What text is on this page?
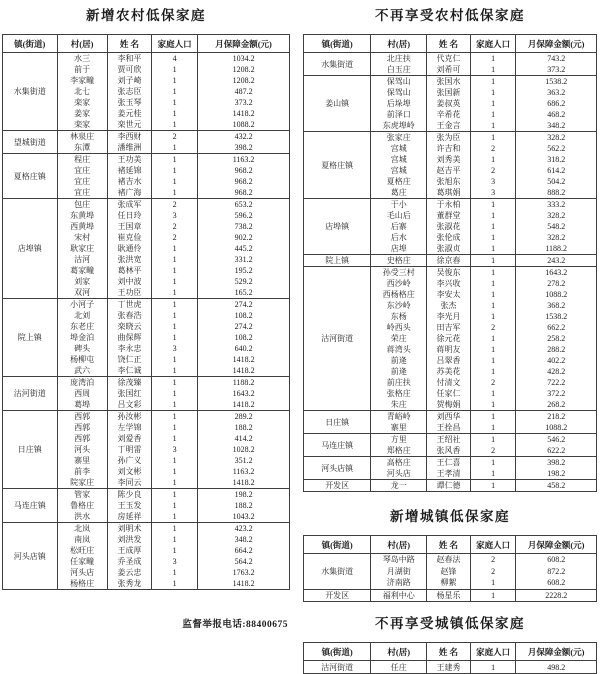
新增农村低保家庭
镇(街道)	村(居)	姓 名	家庭人口	月保障金额(元)
水集街道	水三	李和平	4	1034.2
	前于	贾可欣	1	1208.2
	李家疃	刘子崎	1	1208.2
	北七	张志臣	1	487.2
	栾家	张玉琴	1	373.2
	姜家	姜元桂	1	1418.2
	栾家	栾世元	1	1088.2
望城街道	林泉庄	李西财	2	432.2
	东潭	潘维洲	1	398.2
夏格庄镇	程庄	王功美	1	1163.2
	宜庄	褚延锦	1	968.2
	宜庄	褚吉水	1	968.2
	宜庄	褚广海	1	968.2
店埠镇	包庄	张成军	2	653.2
	东黄埠	任日玲	3	596.2
	西黄埠	王国章	2	738.2
	宋村	崔克俭	2	902.2
	耿家庄	耿通伶	1	445.2
	沽河	张洪宽	1	331.2
	葛家疃	葛林平	1	195.2
	刘家	刘中波	1	529.2
	双河	王功臣	1	165.2
院上镇	小河子	丁世虎	1	274.2
	北刘	张春浩	1	108.2
	东老庄	栾晓云	1	274.2
	埠金泊	曲保辉	1	108.2
	碑头	李永忠	3	640.2
	杨柳屯	饶仁正	1	1418.2
	武六	李仁诚	1	1418.2
沽河街道	庞湾泊	徐茂臻	1	1188.2
	西周	张国红	1	1643.2
	葛埠	吕文彩	1	1418.2
日庄镇	西郭	孙汝彬	1	289.2
	西郭	左学锦	1	188.2
	西郭	刘爱香	1	414.2
	河头	丁明雷	3	1028.2
	寨里	孙广义	1	351.2
	前李	刘文彬	1	1163.2
	院家庄	李同云	1	1418.2
马连庄镇	管家	陈少良	1	198.2
	鲁格庄	王玉发	1	188.2
	洪水	房延祥	1	1043.2
河头店镇	北岚	刘明术	1	423.2
	南岚	刘洪发	1	348.2
	松旺庄	王成厚	1	664.2
	任家疃	乔圣成	3	564.2
	河头店	姜云忠	1	1763.2
	杨格庄	张秀龙	1	1418.2
监督举报电话:88400675
不再享受农村低保家庭
镇(街道)	村(居)	姓 名	家庭人口	月保障金额(元)
水集街道	北庄扶	代克仁	1	743.2
	白玉庄	刘希可	1	373.2
姜山镇	保驾山	张国水	1	1538.2
	保驾山	张国新	1	363.2
	后垛埠	姜叔英	1	686.2
	前泽口	辛希花	1	468.2
	东虎埠岭	王金言	1	348.2
夏格庄镇	张家庄	张为臣	1	328.2
	宫城	许吉和	2	562.2
	宫城	刘秀美	1	318.2
	宫城	赵吉平	2	614.2
	夏格庄	张旭东	3	504.2
	葛庄	葛琪娟	3	888.2
店埠镇	于小	于永柏	1	333.2
	毛山后	董群堂	1	328.2
	后寨	张淑花	1	548.2
	后水	张伦成	1	328.2
	店埠	张淑贞	1	1188.2
院上镇	史格庄	徐京春	1	243.2
沽河街道	孙受三村	吴俊东	1	1643.2
	西沙岭	李兴收	1	278.2
	西杨格庄	李安太	1	1088.2
	东沙岭	张杰	1	368.2
	东杨	李光月	1	1538.2
	岭西头	田吉军	2	662.2
	荣庄	徐元花	1	258.2
	蒋湾头	蒋明友	1	288.2
	前逄	吕翠香	1	402.2
	前逄	苏美花	1	428.2
	前庄扶	付清文	2	722.2
	张格庄	任家仁	1	372.2
	朱庄	贺梅娟	1	268.2
日庄镇	青峪岭	刘西华	1	218.2
	寨里	王拴昌	1	1088.2
马连庄镇	方里	王绍社	1	546.2
	郑格庄	张风香	2	622.2
河头店镇	高格庄	王仁喜	1	398.2
	河头店	王孝清	1	198.2
开发区	龙一	谭仁德	1	458.2
新增城镇低保家庭
镇(街道)	村(居)	姓 名	家庭人口	月保障金额(元)
水集街道	琴岛中路	赵春法	2	608.2
	月湖街	赵锋	2	872.2
	济南路	柳絮	1	608.2
开发区	福利中心	杨星乐	1	2228.2
不再享受城镇低保家庭
镇(街道)	村(居)	姓 名	家庭人口	月保障金额(元)
沽河街道	任庄	王建秀	1	498.2
